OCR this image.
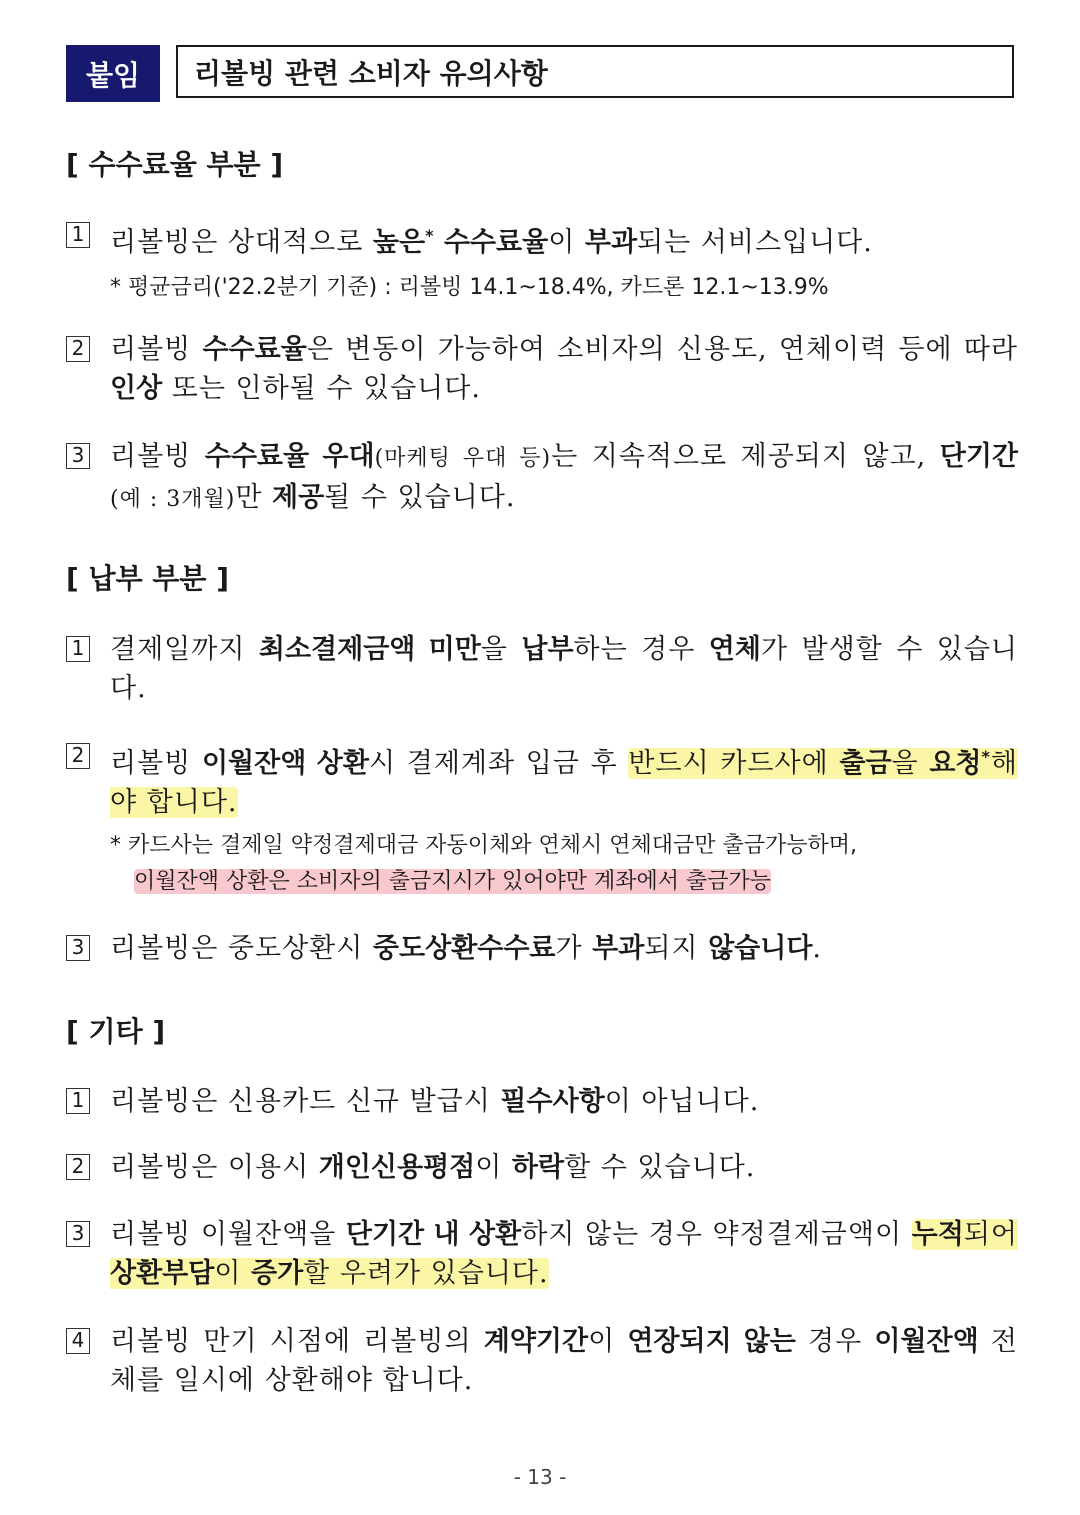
붙임	리볼빙 관련 소비자 유의사항
[ 수수료율 부분 ]
1 리볼빙은 상대적으로 높은* 수수료율이 부과되는 서비스입니다.
* 평균금리('22.2분기 기준) : 리볼빙 14.1~18.4%, 카드론 12.1~13.9%
2 리볼빙 수수료율은 변동이 가능하여 소비자의 신용도, 연체이력 등에 따라 인상 또는 인하될 수 있습니다.
3 리볼빙 수수료율 우대(마케팅 우대 등)는 지속적으로 제공되지 않고, 단기간(예 : 3개월)만 제공될 수 있습니다.
[ 납부 부분 ]
1 결제일까지 최소결제금액 미만을 납부하는 경우 연체가 발생할 수 있습니다.
2 리볼빙 이월잔액 상환시 결제계좌 입금 후 반드시 카드사에 출금을 요청*해야 합니다.
* 카드사는 결제일 약정결제대금 자동이체와 연체시 연체대금만 출금가능하며,
이월잔액 상환은 소비자의 출금지시가 있어야만 계좌에서 출금가능
3 리볼빙은 중도상환시 중도상환수수료가 부과되지 않습니다.
[ 기타 ]
1 리볼빙은 신용카드 신규 발급시 필수사항이 아닙니다.
2 리볼빙은 이용시 개인신용평점이 하락할 수 있습니다.
3 리볼빙 이월잔액을 단기간 내 상환하지 않는 경우 약정결제금액이 누적되어 상환부담이 증가할 우려가 있습니다.
4 리볼빙 만기 시점에 리볼빙의 계약기간이 연장되지 않는 경우 이월잔액 전체를 일시에 상환해야 합니다.
- 13 -
